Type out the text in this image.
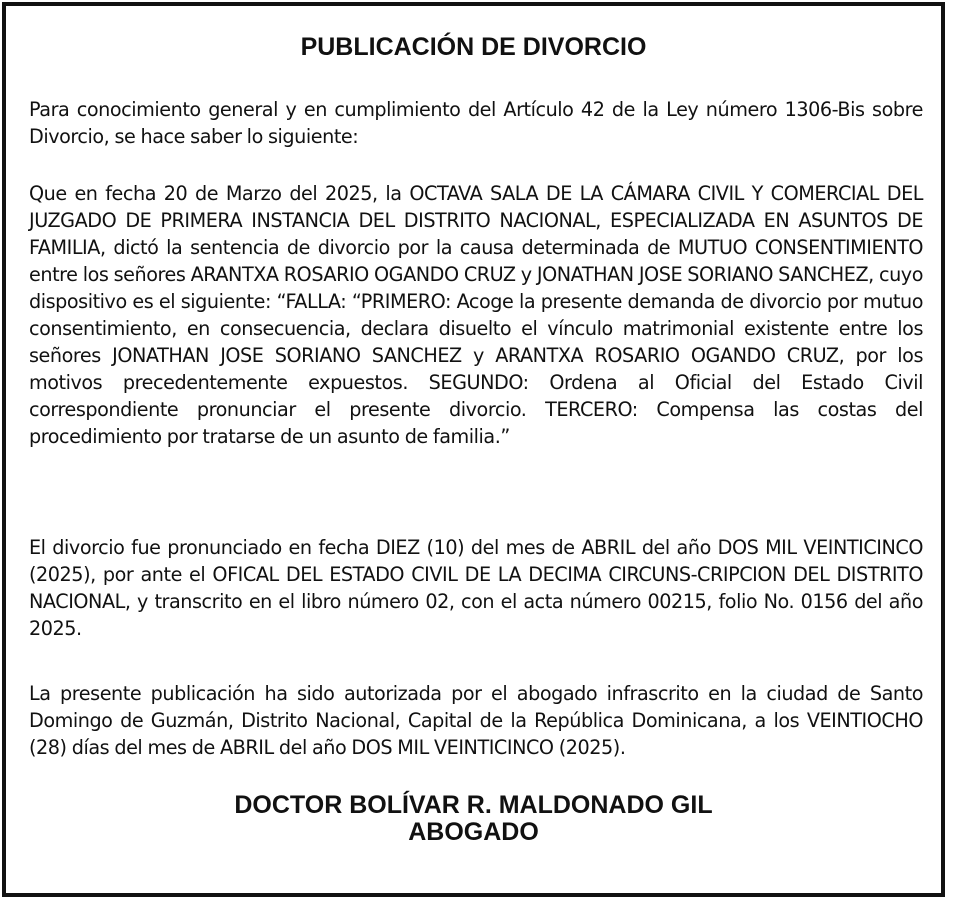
PUBLICACIÓN DE DIVORCIO

Para conocimiento general y en cumplimiento del Artículo 42 de la Ley número 1306-Bis sobre Divorcio, se hace saber lo siguiente:

Que en fecha 20 de Marzo del 2025, la OCTAVA SALA DE LA CÁMARA CIVIL Y COMERCIAL DEL JUZGADO DE PRIMERA INSTANCIA DEL DISTRITO NACIONAL, ESPECIALIZADA EN ASUNTOS DE FAMILIA, dictó la sentencia de divorcio por la causa determinada de MUTUO CONSENTIMIENTO entre los señores ARANTXA ROSARIO OGANDO CRUZ y JONATHAN JOSE SORIANO SANCHEZ, cuyo dispositivo es el siguiente: “FALLA: “PRIMERO: Acoge la presente demanda de divorcio por mutuo consentimiento, en consecuencia, declara disuelto el vínculo matrimonial existente entre los señores JONATHAN JOSE SORIANO SANCHEZ y ARANTXA ROSARIO OGANDO CRUZ, por los motivos precedentemente expuestos. SEGUNDO: Ordena al Oficial del Estado Civil correspondiente pronunciar el presente divorcio. TERCERO: Compensa las costas del procedimiento por tratarse de un asunto de familia.”

El divorcio fue pronunciado en fecha DIEZ (10) del mes de ABRIL del año DOS MIL VEINTICINCO (2025), por ante el OFICAL DEL ESTADO CIVIL DE LA DECIMA CIRCUNS-CRIPCION DEL DISTRITO NACIONAL, y transcrito en el libro número 02, con el acta número 00215, folio No. 0156 del año 2025.

La presente publicación ha sido autorizada por el abogado infrascrito en la ciudad de Santo Domingo de Guzmán, Distrito Nacional, Capital de la República Dominicana, a los VEINTIOCHO (28) días del mes de ABRIL del año DOS MIL VEINTICINCO (2025).

DOCTOR BOLÍVAR R. MALDONADO GIL

ABOGADO
